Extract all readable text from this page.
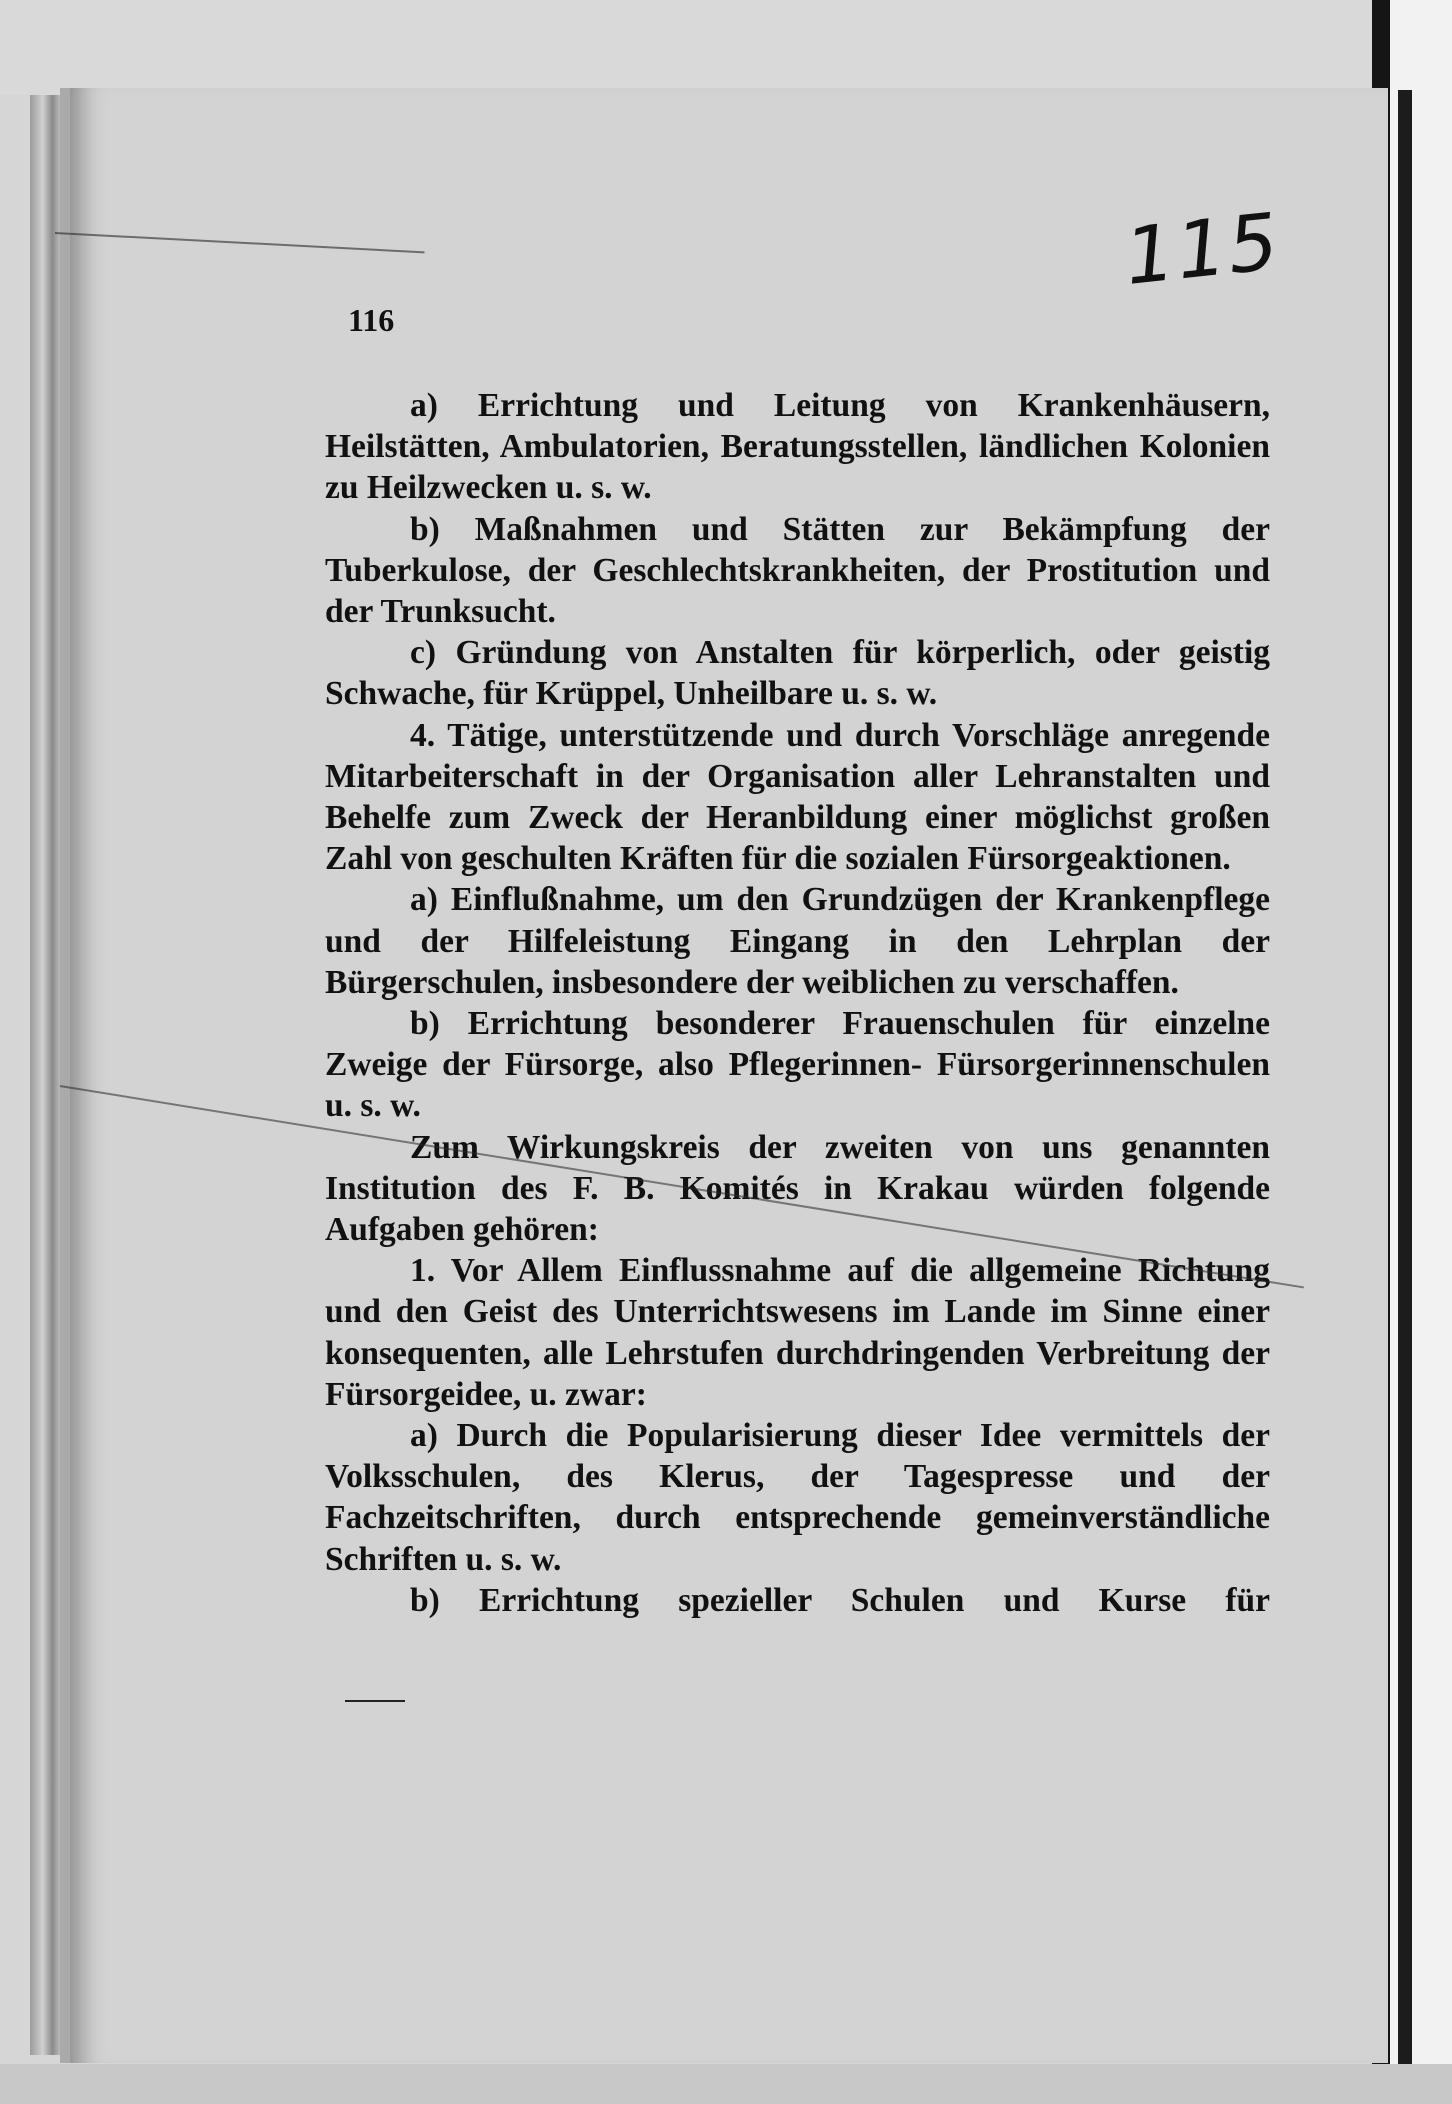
115
116

a) Errichtung und Leitung von Krankenhäusern, Heilstätten, Ambulatorien, Beratungsstellen, ländlichen Kolonien zu Heilzwecken u. s. w.

b) Maßnahmen und Stätten zur Bekämpfung der Tuberkulose, der Geschlechtskrankheiten, der Prostitution und der Trunksucht.

c) Gründung von Anstalten für körperlich, oder geistig Schwache, für Krüppel, Unheilbare u. s. w.

4. Tätige, unterstützende und durch Vorschläge anregende Mitarbeiterschaft in der Organisation aller Lehranstalten und Behelfe zum Zweck der Heranbildung einer möglichst großen Zahl von geschulten Kräften für die sozialen Fürsorgeaktionen.

a) Einflußnahme, um den Grundzügen der Krankenpflege und der Hilfeleistung Eingang in den Lehrplan der Bürgerschulen, insbesondere der weiblichen zu verschaffen.

b) Errichtung besonderer Frauenschulen für einzelne Zweige der Fürsorge, also Pflegerinnen- Fürsorgerinnenschulen u. s. w.

Zum Wirkungskreis der zweiten von uns genannten Institution des F. B. Komités in Krakau würden folgende Aufgaben gehören:

1. Vor Allem Einflussnahme auf die allgemeine Richtung und den Geist des Unterrichtswesens im Lande im Sinne einer konsequenten, alle Lehrstufen durchdringenden Verbreitung der Fürsorgeidee, u. zwar:

a) Durch die Popularisierung dieser Idee vermittels der Volksschulen, des Klerus, der Tagespresse und der Fachzeitschriften, durch entsprechende gemeinverständliche Schriften u. s. w.

b) Errichtung spezieller Schulen und Kurse für
